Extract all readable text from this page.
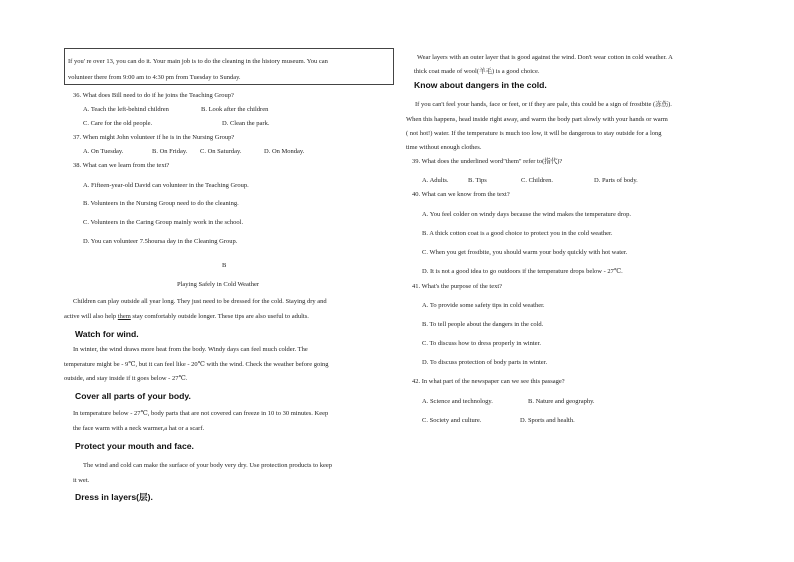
If you' re over 13, you can do it. Your main job is to do the cleaning in the history museum. You can
volunteer there from 9:00 am to 4:30 pm from Tuesday to Sunday.
36. What does Bill need to do if he joins the Teaching Group?
A. Teach the left-behind children	B. Look after the children
C. Care for the old people.	D. Clean the park.
37. When might John volunteer if he is in the Nursing Group?
A. On Tuesday.	B. On Friday. C. On Saturday.	D. On Monday.
38. What can we learn from the text?
A. Fifteen-year-old David can volunteer in the Teaching Group.
B. Volunteers in the Nursing Group need to do the cleaning.
C. Volunteers in the Caring Group mainly work in the school.
D. You can volunteer 7.5hoursa day in the Cleaning Group.
B
Playing Safely in Cold Weather
Children can play outside all year long. They just need to be dressed for the cold. Staying dry and
active will also help them stay comfortably outside longer. These tips are also useful to adults.
Watch for wind.
In winter, the wind draws more heat from the body. Windy days can feel much colder. The
temperature might be - 9℃, but it can feel like - 20℃ with the wind. Check the weather before going
outside, and stay inside if it goes below - 27℃.
Cover all parts of your body.
In temperature below - 27℃, body parts that are not covered can freeze in 10 to 30 minutes. Keep
the face warm with a neck warmer,a hat or a scarf.
Protect your mouth and face.
The wind and cold can make the surface of your body very dry. Use protection products to keep
it wet.
Dress in layers(层).
Wear layers with an outer layer that is good against the wind. Don't wear cotton in cold weather. A
thick coat made of wool(羊毛) is a good choice.
Know about dangers in the cold.
If you can't feel your hands, face or feet, or if they are pale, this could be a sign of frostbite (冻伤).
When this happens, head inside right away, and warm the body part slowly with your hands or warm
( not hot!) water. If the temperature is much too low, it will be dangerous to stay outside for a long
time without enough clothes.
39. What does the underlined word"them" refer to(指代)?
A. Adults.	B. Tips	C. Children.	D. Parts of body.
40. What can we know from the text?
A. You feel colder on windy days because the wind makes the temperature drop.
B. A thick cotton coat is a good choice to protect you in the cold weather.
C. When you get frostbite, you should warm your body quickly with hot water.
D. It is not a good idea to go outdoors if the temperature drops below - 27℃.
41. What's the purpose of the text?
A. To provide some safety tips in cold weather.
B. To tell people about the dangers in the cold.
C. To discuss how to dress properly in winter.
D. To discuss protection of body parts in winter.
42. In what part of the newspaper can we see this passage?
A. Science and technology.	B. Nature and geography.
C. Society and culture.	D. Sports and health.
